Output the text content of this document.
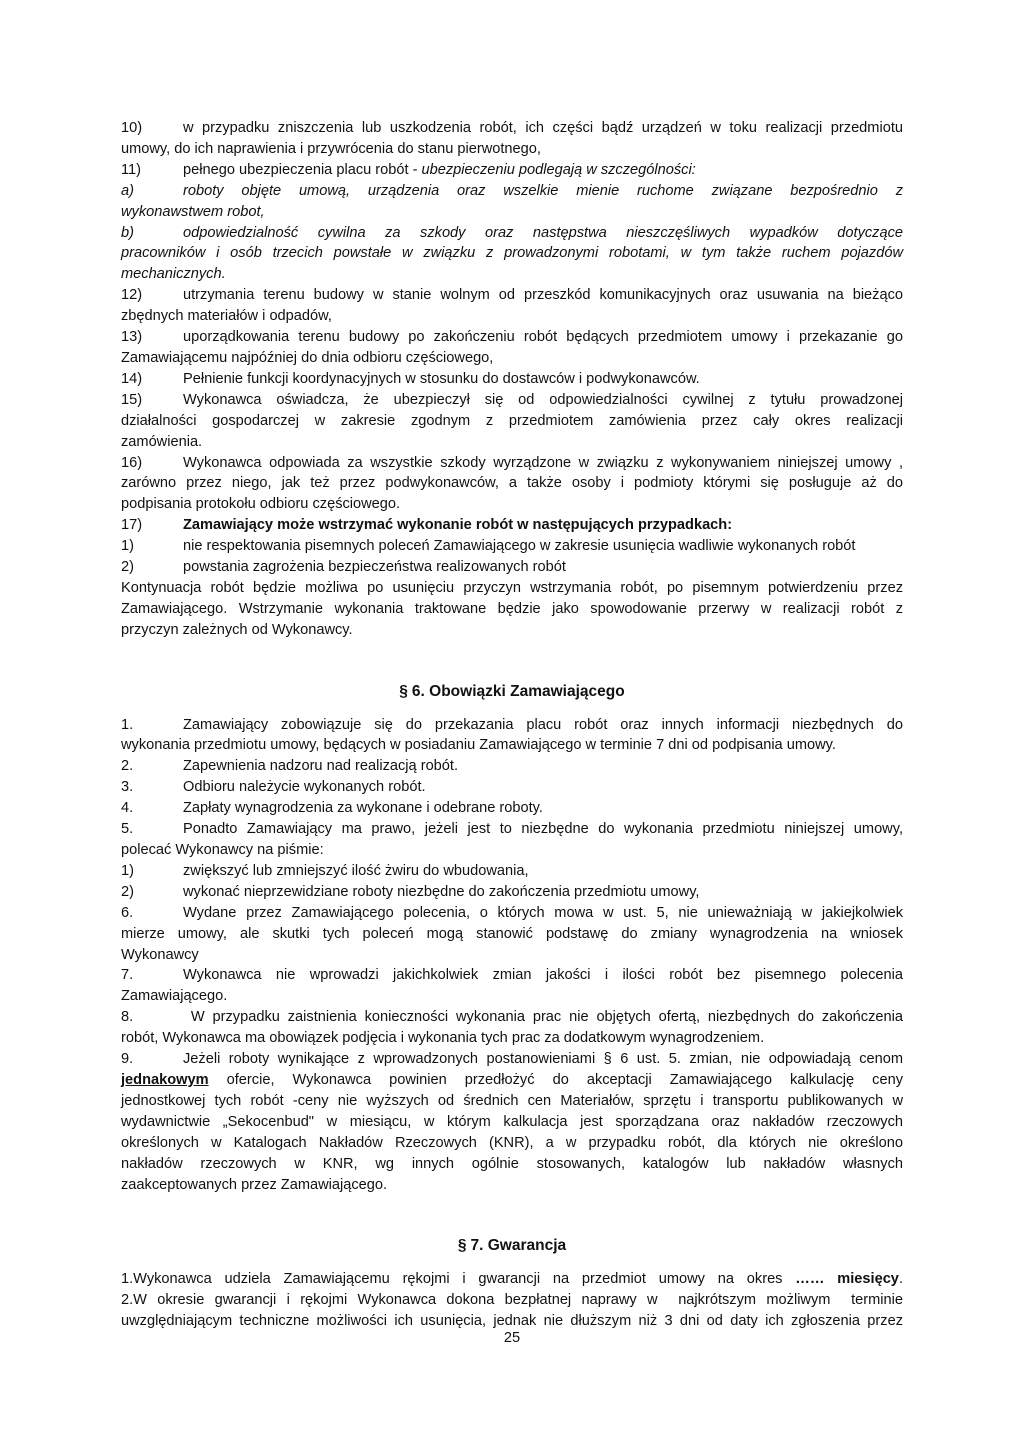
10)	w przypadku zniszczenia lub uszkodzenia robót, ich części bądź urządzeń w toku realizacji przedmiotu

umowy, do ich naprawienia i przywrócenia do stanu pierwotnego,

11)	pełnego ubezpieczenia placu robót - ubezpieczeniu podlegają w szczególności:
a)	roboty objęte umową, urządzenia oraz wszelkie mienie ruchome związane bezpośrednio z

wykonawstwem robot,

b)	odpowiedzialność cywilna za szkody oraz następstwa nieszczęśliwych wypadków dotyczące

pracowników i osób trzecich powstałe w związku z prowadzonymi robotami, w tym także ruchem pojazdów

mechanicznych.

12)	utrzymania terenu budowy w stanie wolnym od przeszkód komunikacyjnych oraz usuwania na bieżąco

zbędnych materiałów i odpadów,

13)	uporządkowania terenu budowy po zakończeniu robót będących przedmiotem umowy i przekazanie go

Zamawiającemu najpóźniej do dnia odbioru częściowego,

14)	Pełnienie funkcji koordynacyjnych w stosunku do dostawców i podwykonawców.
15)	Wykonawca oświadcza, że ubezpieczył się od odpowiedzialności cywilnej z tytułu prowadzonej

działalności gospodarczej w zakresie zgodnym z przedmiotem zamówienia przez cały okres realizacji

zamówienia.

16)	Wykonawca odpowiada za wszystkie szkody wyrządzone w związku z wykonywaniem niniejszej umowy ,

zarówno przez niego, jak też przez podwykonawców, a także osoby i podmioty którymi się posługuje aż do

podpisania protokołu odbioru częściowego.

17)	Zamawiający może wstrzymać wykonanie robót w następujących przypadkach:
1)	nie respektowania pisemnych poleceń Zamawiającego w zakresie usunięcia wadliwie wykonanych robót
2)	powstania zagrożenia bezpieczeństwa realizowanych robót

Kontynuacja robót będzie możliwa po usunięciu przyczyn wstrzymania robót, po pisemnym potwierdzeniu przez

Zamawiającego. Wstrzymanie wykonania traktowane będzie jako spowodowanie przerwy w realizacji robót z

przyczyn zależnych od Wykonawcy.

§ 6. Obowiązki Zamawiającego

1.	Zamawiający zobowiązuje się do przekazania placu robót oraz innych informacji niezbędnych do

wykonania przedmiotu umowy, będących w posiadaniu Zamawiającego w terminie 7 dni od podpisania umowy.

2.	Zapewnienia nadzoru nad realizacją robót.
3.	Odbioru należycie wykonanych robót.
4.	Zapłaty wynagrodzenia za wykonane i odebrane roboty.
5.	Ponadto Zamawiający ma prawo, jeżeli jest to niezbędne do wykonania przedmiotu niniejszej umowy,

polecać Wykonawcy na piśmie:

1)	zwiększyć lub zmniejszyć ilość żwiru do wbudowania,
2)	wykonać nieprzewidziane roboty niezbędne do zakończenia przedmiotu umowy,
6.	Wydane przez Zamawiającego polecenia, o których mowa w ust. 5, nie unieważniają w jakiejkolwiek

mierze umowy, ale skutki tych poleceń mogą stanowić podstawę do zmiany wynagrodzenia na wniosek

Wykonawcy

7.	Wykonawca nie wprowadzi jakichkolwiek zmian jakości i ilości robót bez pisemnego polecenia

Zamawiającego.

8.	W przypadku zaistnienia konieczności wykonania prac nie objętych ofertą, niezbędnych do zakończenia

robót, Wykonawca ma obowiązek podjęcia i wykonania tych prac za dodatkowym wynagrodzeniem.

9.	Jeżeli roboty wynikające z wprowadzonych postanowieniami § 6 ust. 5. zmian, nie odpowiadają cenom

jednakowym ofercie, Wykonawca powinien przedłożyć do akceptacji Zamawiającego kalkulację ceny

jednostkowej tych robót -ceny nie wyższych od średnich cen Materiałów, sprzętu i transportu publikowanych w

wydawnictwie „Sekocenbud" w miesiącu, w którym kalkulacja jest sporządzana oraz nakładów rzeczowych

określonych w Katalogach Nakładów Rzeczowych (KNR), a w przypadku robót, dla których nie określono

nakładów rzeczowych w KNR, wg innych ogólnie stosowanych, katalogów lub nakładów własnych

zaakceptowanych przez Zamawiającego.

§ 7. Gwarancja

1.Wykonawca udziela Zamawiającemu rękojmi i gwarancji na przedmiot umowy na okres …… miesięcy.

2.W okresie gwarancji i rękojmi Wykonawca dokona bezpłatnej naprawy w  najkrótszym możliwym  terminie

uwzględniającym techniczne możliwości ich usunięcia, jednak nie dłuższym niż 3 dni od daty ich zgłoszenia przez

25
